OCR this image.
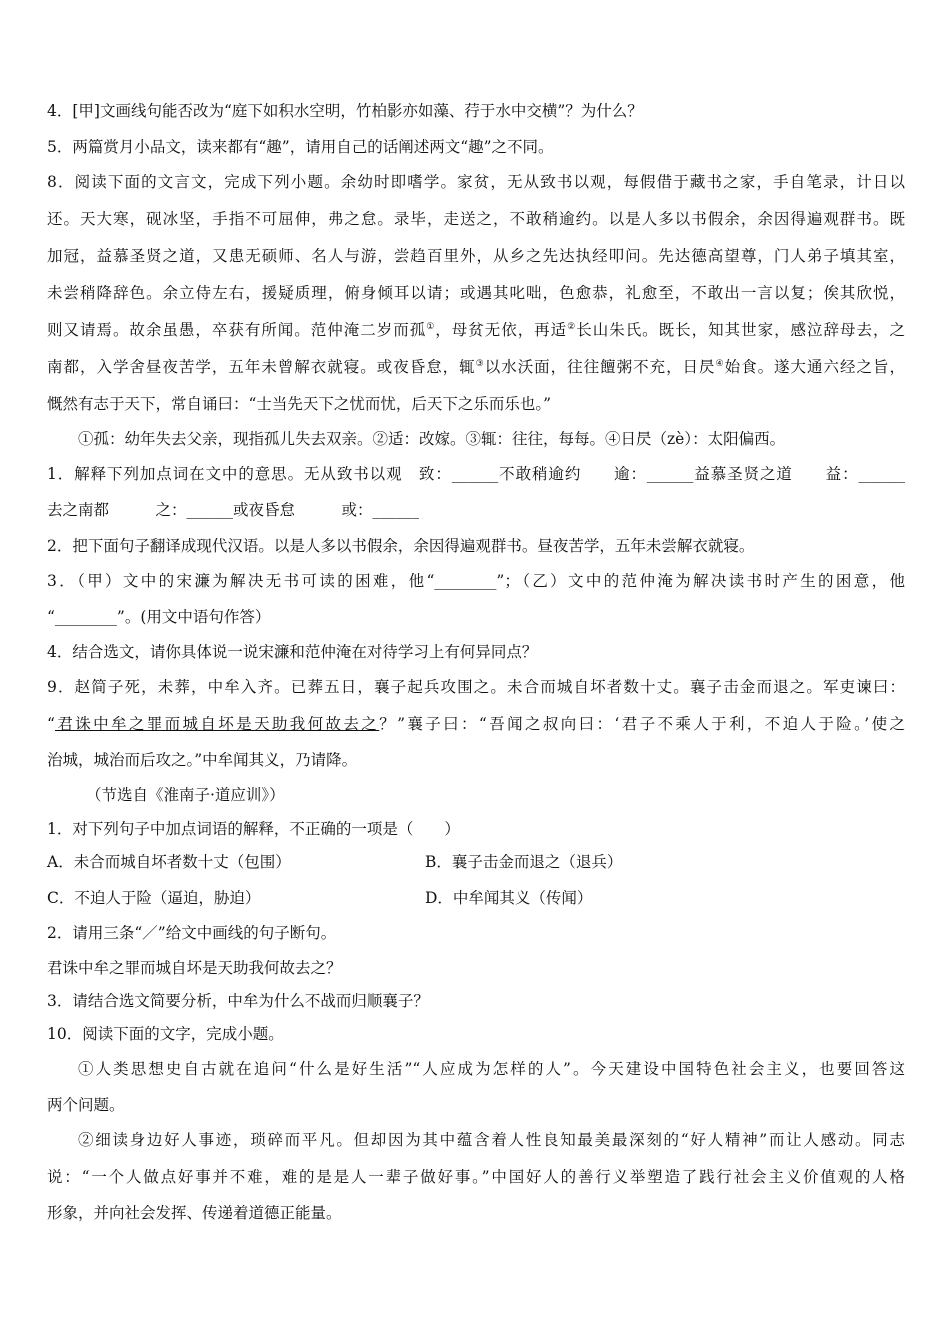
4．[甲]文画线句能否改为“庭下如积水空明，竹柏影亦如藻、荇于水中交横”？为什么？
5．两篇赏月小品文，读来都有“趣”，请用自己的话阐述两文“趣”之不同。
8．阅读下面的文言文，完成下列小题。余幼时即嗜学。家贫，无从致书以观，每假借于藏书之家，手自笔录，计日以
还。天大寒，砚冰坚，手指不可屈伸，弗之怠。录毕，走送之，不敢稍逾约。以是人多以书假余，余因得遍观群书。既
加冠，益慕圣贤之道，又患无硕师、名人与游，尝趋百里外，从乡之先达执经叩问。先达德高望尊，门人弟子填其室，
未尝稍降辞色。余立侍左右，援疑质理，俯身倾耳以请；或遇其叱咄，色愈恭，礼愈至，不敢出一言以复；俟其欣悦，
则又请焉。故余虽愚，卒获有所闻。范仲淹二岁而孤①，母贫无依，再适②长山朱氏。既长，知其世家，感泣辞母去，之
南都，入学舍昼夜苦学，五年未曾解衣就寝。或夜昏怠，辄③以水沃面，往往饘粥不充，日昃④始食。遂大通六经之旨，
慨然有志于天下，常自诵曰：“士当先天下之忧而忧，后天下之乐而乐也。”
①孤：幼年失去父亲，现指孤儿失去双亲。②适：改嫁。③辄：往往，每每。④日昃（zè）：太阳偏西。
1．解释下列加点词在文中的意思。无从致书以观　致：______不敢稍逾约　　逾：______益慕圣贤之道　　益：______
去之南都　　　之：______或夜昏怠　　　或：______
2．把下面句子翻译成现代汉语。以是人多以书假余，余因得遍观群书。昼夜苦学，五年未尝解衣就寝。
3．（甲）文中的宋濂为解决无书可读的困难，他“________”；（乙）文中的范仲淹为解决读书时产生的困意，他
“________”。(用文中语句作答）
4．结合选文，请你具体说一说宋濂和范仲淹在对待学习上有何异同点？
9．赵简子死，未葬，中牟入齐。已葬五日，襄子起兵攻围之。未合而城自坏者数十丈。襄子击金而退之。军吏谏曰：
“君诛中牟之罪而城自坏是天助我何故去之？”襄子曰：“吾闻之叔向曰：‘君子不乘人于利，不迫人于险。’使之
治城，城治而后攻之。”中牟闻其义，乃请降。
（节选自《淮南子·道应训》）
1．对下列句子中加点词语的解释，不正确的一项是（　　）
A．未合而城自坏者数十丈（包围）	B．襄子击金而退之（退兵）
C．不迫人于险（逼迫，胁迫）	D．中牟闻其义（传闻）
2．请用三条“／”给文中画线的句子断句。
君诛中牟之罪而城自坏是天助我何故去之？
3．请结合选文简要分析，中牟为什么不战而归顺襄子？
10．阅读下面的文字，完成小题。
①人类思想史自古就在追问“什么是好生活”“人应成为怎样的人”。今天建设中国特色社会主义，也要回答这
两个问题。
②细读身边好人事迹，琐碎而平凡。但却因为其中蕴含着人性良知最美最深刻的“好人精神”而让人感动。同志
说：“一个人做点好事并不难，难的是是人一辈子做好事。”中国好人的善行义举塑造了践行社会主义价值观的人格
形象，并向社会发挥、传递着道德正能量。
